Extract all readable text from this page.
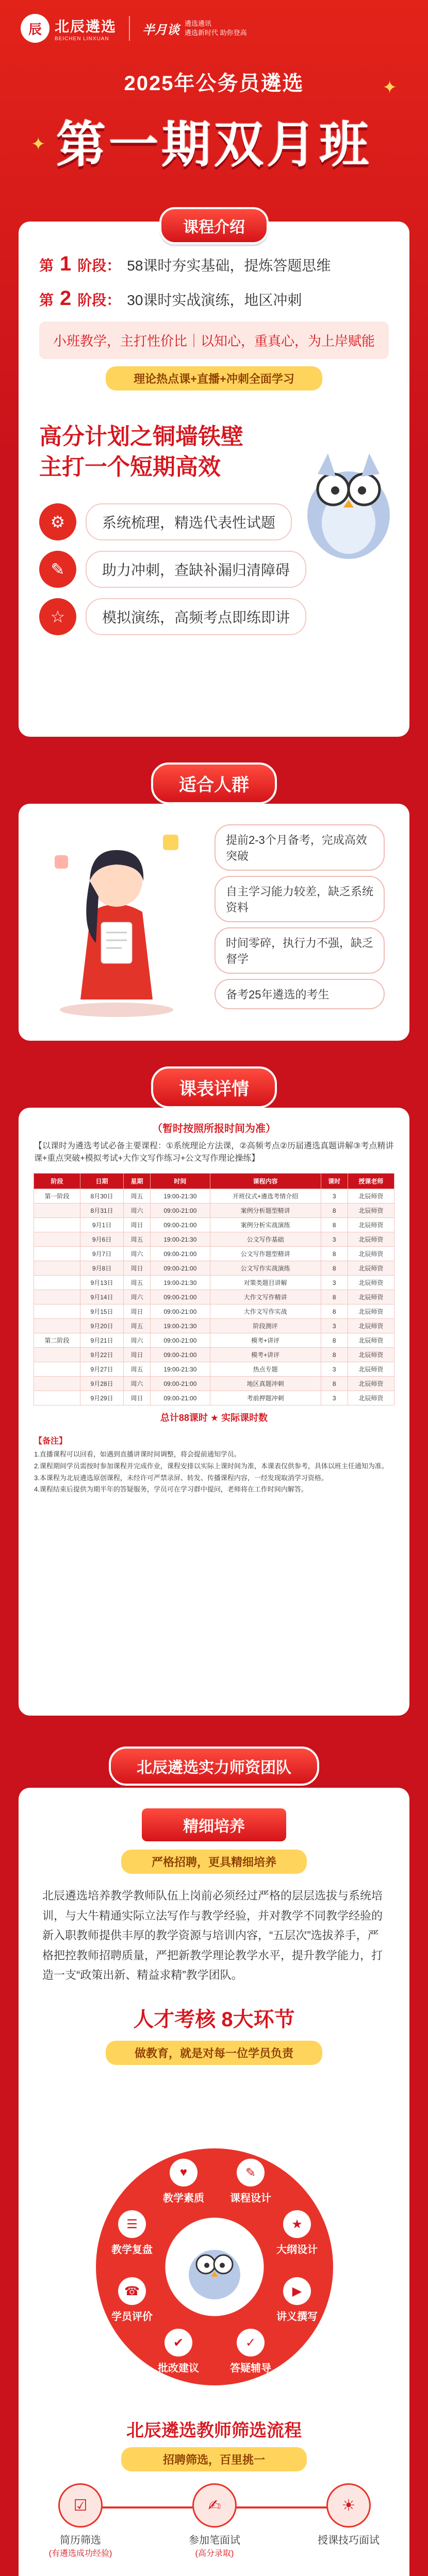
辰 北辰遴选
BEICHEN LINXUAN
半月谈 遴选遴讯
遴选新时代 助你登高
2025年公务员遴选
第一期双月班
✦
✦
课程介绍
第 1 阶段： 58课时夯实基础，提炼答题思维
第 2 阶段： 30课时实战演练，地区冲刺
小班教学，主打性价比｜以知心，重真心，为上岸赋能
理论热点课+直播+冲刺全面学习
高分计划之铜墙铁壁
主打一个短期高效
⚙	系统梳理，精选代表性试题
✎	助力冲刺，查缺补漏归清障碍
☆	模拟演练，高频考点即练即讲
适合人群
提前2-3个月备考，完成高效突破
自主学习能力较差，缺乏系统资料
时间零碎，执行力不强，缺乏督学
备考25年遴选的考生
课表详情
（暂时按照所报时间为准）
【以课时为遴选考试必备主要课程：①系统理论方法课，②高频考点②历届遴选真题讲解③考点精讲课+重点突破+模拟考试+大作文写作练习+公文写作理论操练】
阶段	日期	星期	时间	课程内容	课时	授课老师
第一阶段	8月30日	周五	19:00-21:30	开班仪式+遴选考情介绍	3	北辰师资
	8月31日	周六	09:00-21:00	案例分析题型精讲	8	北辰师资
	9月1日	周日	09:00-21:00	案例分析实战演练	8	北辰师资
	9月6日	周五	19:00-21:30	公文写作基础	3	北辰师资
	9月7日	周六	09:00-21:00	公文写作题型精讲	8	北辰师资
	9月8日	周日	09:00-21:00	公文写作实战演练	8	北辰师资
	9月13日	周五	19:00-21:30	对策类题目讲解	3	北辰师资
	9月14日	周六	09:00-21:00	大作文写作精讲	8	北辰师资
	9月15日	周日	09:00-21:00	大作文写作实战	8	北辰师资
	9月20日	周五	19:00-21:30	阶段测评	3	北辰师资
第二阶段	9月21日	周六	09:00-21:00	模考+讲评	8	北辰师资
	9月22日	周日	09:00-21:00	模考+讲评	8	北辰师资
	9月27日	周五	19:00-21:30	热点专题	3	北辰师资
	9月28日	周六	09:00-21:00	地区真题冲刺	8	北辰师资
	9月29日	周日	09:00-21:00	考前押题冲刺	3	北辰师资
总计88课时 ★ 实际课时数
【备注】
1.直播课程可以回看，如遇到直播讲课时间调整，将会提前通知学员。
2.课程期间学员需按时参加课程并完成作业，课程安排以实际上课时间为准，本课表仅供参考，具体以班主任通知为准。
3.本课程为北辰遴选原创课程，未经许可严禁录屏、转发、传播课程内容，一经发现取消学习资格。
4.课程结束后提供为期半年的答疑服务，学员可在学习群中提问，老师将在工作时间内解答。
北辰遴选实力师资团队
精细培养
严格招聘，更具精细培养
北辰遴选培养教学教师队伍上岗前必须经过严格的层层选拔与系统培训，与大牛精通实际立法写作与教学经验，并对教学不同教学经验的新入职教师提供丰厚的教学资源与培训内容，“五层次”选拔养手，严格把控教师招聘质量，严把新教学理论教学水平，提升教学能力，打造一支“政策出新、精益求精”教学团队。
人才考核 8大环节
做教育，就是对每一位学员负责
♥
教学素质
✎
课程设计
★
大纲设计
▶
讲义撰写
✓
答疑辅导
✔
批改建议
☎
学员评价
☰
教学复盘
北辰遴选教师筛选流程
招聘筛选，百里挑一
☑
简历筛选
(有遴选成功经验)
✍
参加笔面试
(高分录取)
☀
授课技巧面试
